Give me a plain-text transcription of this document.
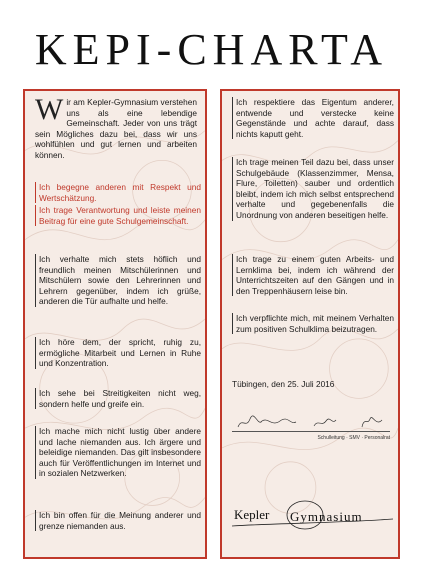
KEPI-CHARTA
Wir am Kepler-Gymnasium verstehen uns als eine lebendige Gemeinschaft. Jeder von uns trägt sein Mögliches dazu bei, dass wir uns wohlfühlen und gut lernen und arbeiten können.
Ich begegne anderen mit Respekt und Wertschätzung.
Ich trage Verantwortung und leiste meinen Beitrag für eine gute Schulgemeinschaft.
Ich verhalte mich stets höflich und freundlich meinen Mitschülerinnen und Mitschülern sowie den Lehrerinnen und Lehrern gegenüber, indem ich grüße, anderen die Tür aufhalte und helfe.
Ich höre dem, der spricht, ruhig zu, ermögliche Mitarbeit und Lernen in Ruhe und Konzentration.
Ich sehe bei Streitigkeiten nicht weg, sondern helfe und greife ein.
Ich mache mich nicht lustig über andere und lache niemanden aus. Ich ärgere und beleidige niemanden. Das gilt insbesondere auch für Veröffentlichungen im Internet und in sozialen Netzwerken.
Ich bin offen für die Meinung anderer und grenze niemanden aus.
Ich respektiere das Eigentum anderer, entwende und verstecke keine Gegenstände und achte darauf, dass nichts kaputt geht.
Ich trage meinen Teil dazu bei, dass unser Schulgebäude (Klassenzimmer, Mensa, Flure, Toiletten) sauber und ordentlich bleibt, indem ich mich selbst entsprechend verhalte und gegebenenfalls die Unordnung von anderen beseitigen helfe.
Ich trage zu einem guten Arbeits- und Lernklima bei, indem ich während der Unterrichtszeiten auf den Gängen und in den Treppenhäusern leise bin.
Ich verpflichte mich, mit meinem Verhalten zum positiven Schulklima beizutragen.
Tübingen, den 25. Juli 2016
Schulleitung · SMV · Personalrat
Kepler Gymnasium
